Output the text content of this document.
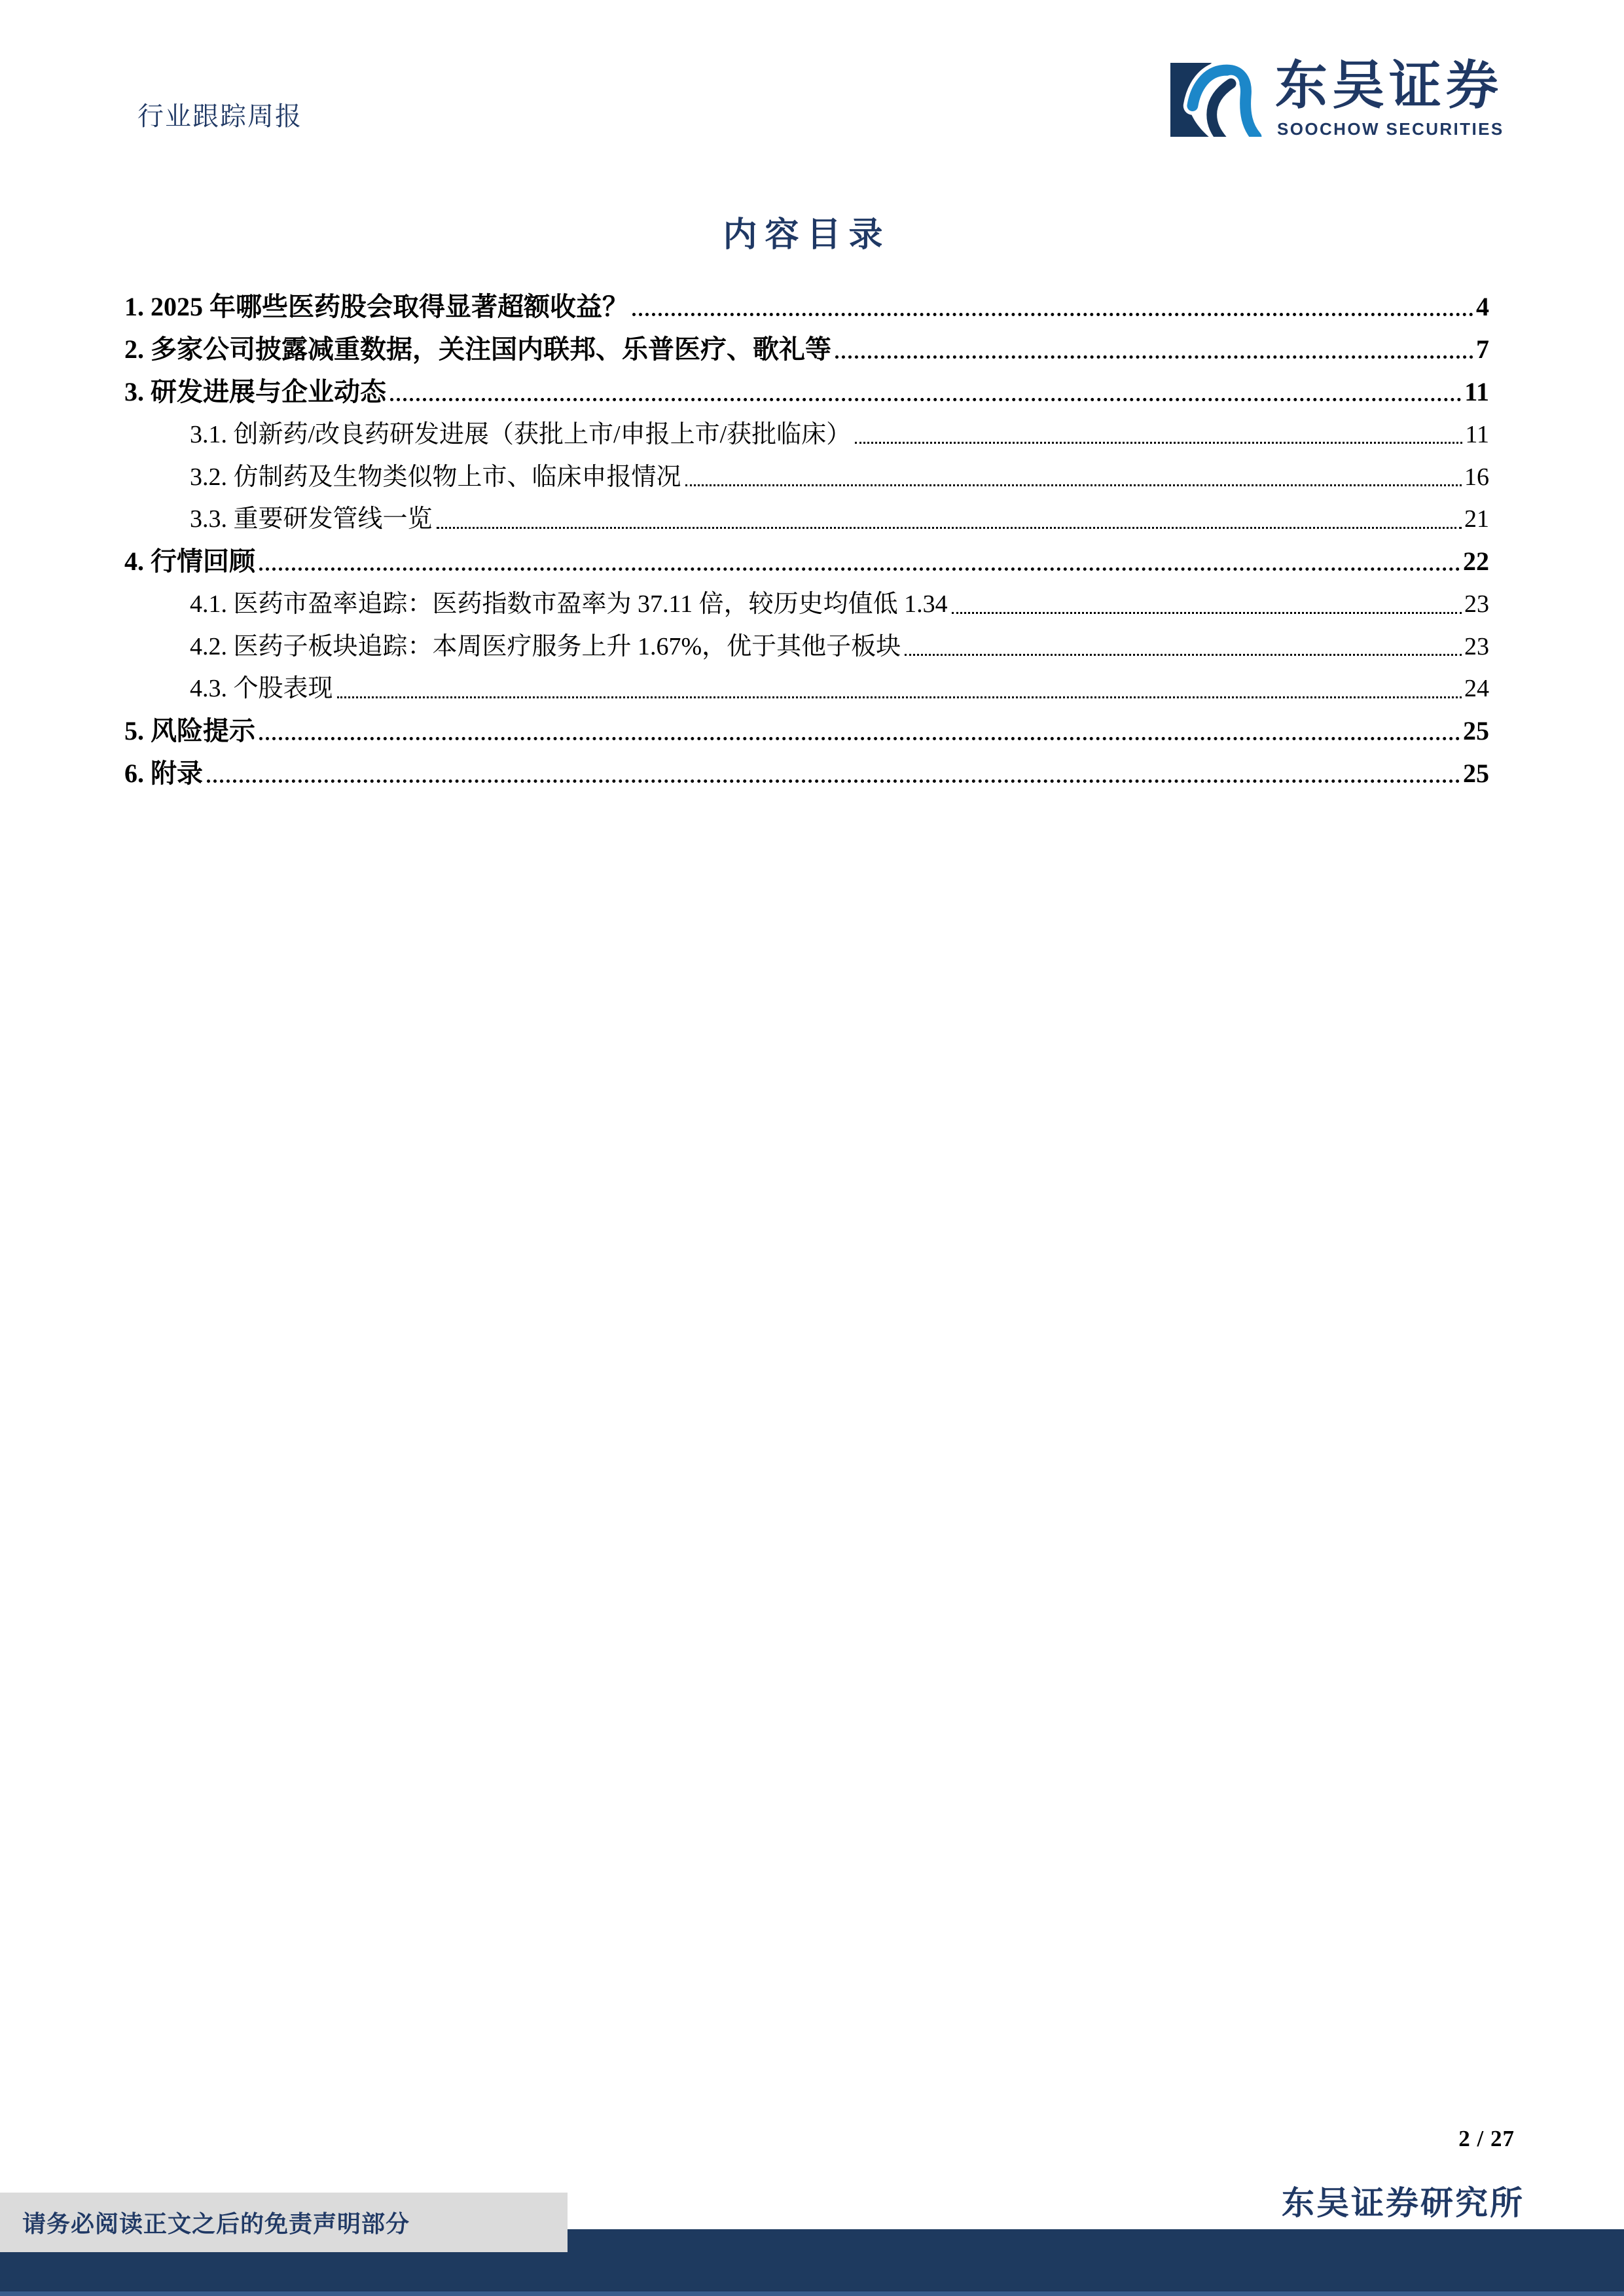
行业跟踪周报
东吴证券
SOOCHOW SECURITIES
内容目录
1. 2025 年哪些医药股会取得显著超额收益？	4
2. 多家公司披露减重数据，关注国内联邦、乐普医疗、歌礼等	7
3. 研发进展与企业动态	11
3.1. 创新药/改良药研发进展（获批上市/申报上市/获批临床）	11
3.2. 仿制药及生物类似物上市、临床申报情况	16
3.3. 重要研发管线一览	21
4. 行情回顾	22
4.1. 医药市盈率追踪：医药指数市盈率为 37.11 倍，较历史均值低 1.34	23
4.2. 医药子板块追踪：本周医疗服务上升 1.67%，优于其他子板块	23
4.3. 个股表现	24
5. 风险提示	25
6. 附录	25
2 / 27
东吴证券研究所
请务必阅读正文之后的免责声明部分
